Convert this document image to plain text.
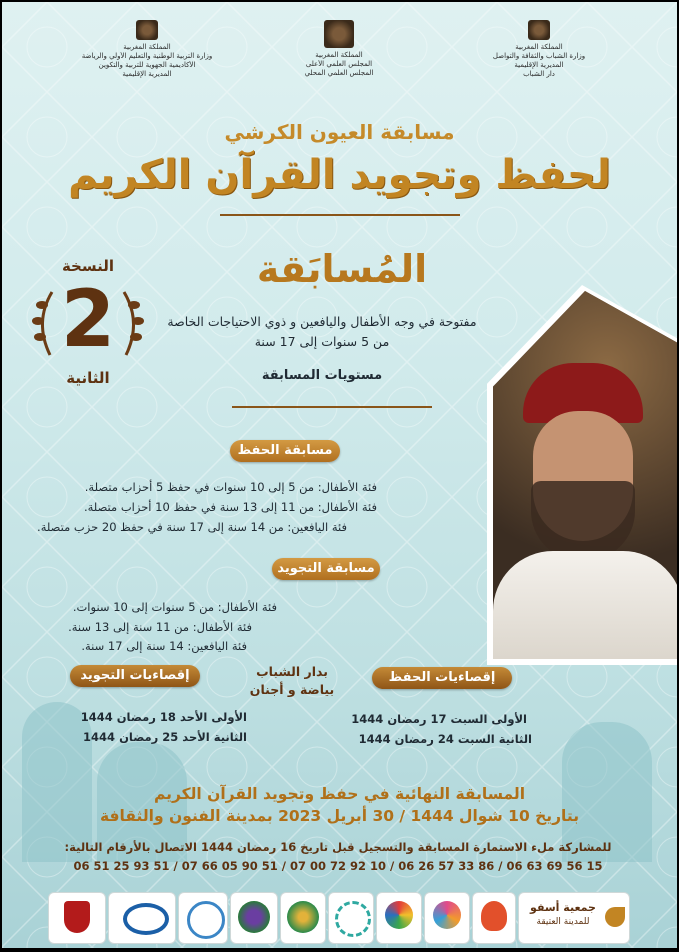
المملكة المغربية
وزارة التربية الوطنية والتعليم الأولي والرياضة
الأكاديمية الجهوية للتربية والتكوين
المديرية الإقليمية
المملكة المغربية
المجلس العلمي الأعلى
المجلس العلمي المحلي
المملكة المغربية
وزارة الشباب والثقافة والتواصل
المديرية الإقليمية
دار الشباب
مسابقة العيون الكرشي
لحفظ وتجويد القرآن الكريم
النسخة
2
الثانية
المُسابَقة
مفتوحة في وجه الأطفال واليافعين و ذوي الاحتياجات الخاصة
من 5 سنوات إلى 17 سنة
مستويات المسابقة
مسابقة الحفظ
فئة الأطفال: من 5 إلى 10 سنوات في حفظ 5 أحزاب متصلة.
فئة الأطفال: من 11 إلى 13 سنة في حفظ 10 أحزاب متصلة.
فئة اليافعين: من 14 سنة إلى 17 سنة في حفظ 20 حزب متصلة.
مسابقة التجويد
فئة الأطفال: من 5 سنوات إلى 10 سنوات.
فئة الأطفال: من 11 سنة إلى 13 سنة.
فئة اليافعين: 14 سنة إلى 17 سنة.
إقصاءيات التجويد	إقصاءيات الحفظ
بدار الشباب
بياضة و أجنان
الأولى الأحد 18 رمضان 1444
الثانية الأحد 25 رمضان 1444
الأولى السبت 17 رمضان 1444
الثانية السبت 24 رمضان 1444
المسابقة النهائية في حفظ وتجويد القرآن الكريم
بتاريخ 10 شوال 1444 / 30 أبريل 2023 بمدينة الفنون والثقافة
للمشاركة ملء الاستمارة المسابقة والتسجيل قبل تاريخ 16 رمضان 1444 الاتصال بالأرقام التالية:
06 51 25 93 51 / 07 66 05 90 51 / 07 00 72 92 10 / 06 26 57 33 86 / 06 63 69 56 15
جمعية أسفو
للمدينة العتيقة
